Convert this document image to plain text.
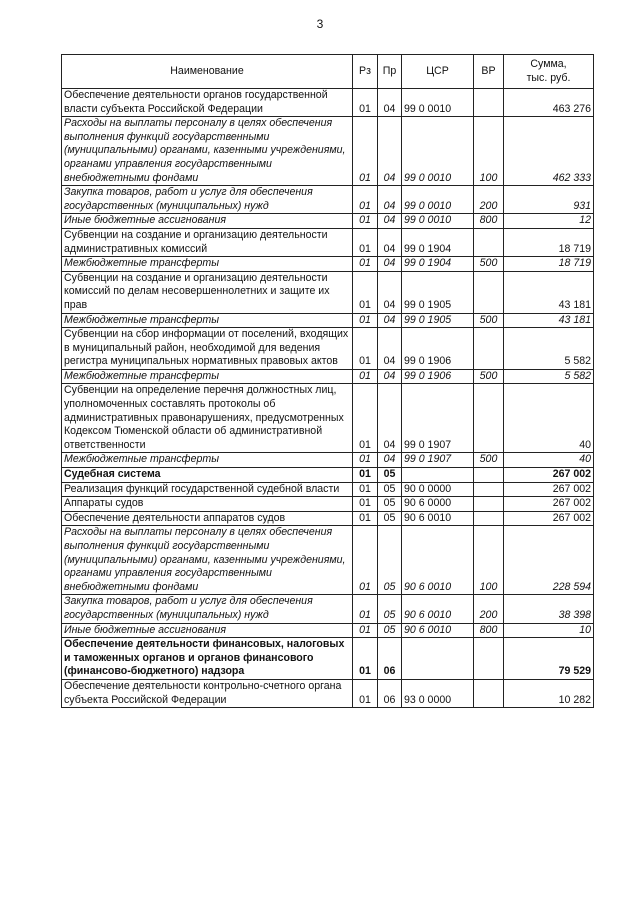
3
Наименование	Рз	Пр	ЦСР	ВР	Сумма,
тыс. руб.

Обеспечение деятельности органов государственной власти субъекта Российской Федерации	01	04	99 0 0010		463 276
Расходы на выплаты персоналу в целях обеспечения выполнения функций государственными (муниципальными) органами, казенными учреждениями, органами управления государственными внебюджетными фондами	01	04	99 0 0010	100	462 333
Закупка товаров, работ и услуг для обеспечения государственных (муниципальных) нужд	01	04	99 0 0010	200	931
Иные бюджетные ассигнования	01	04	99 0 0010	800	12
Субвенции на создание и организацию деятельности административных комиссий	01	04	99 0 1904		18 719
Межбюджетные трансферты	01	04	99 0 1904	500	18 719
Субвенции на создание и организацию деятельности комиссий по делам несовершеннолетних и защите их прав	01	04	99 0 1905		43 181
Межбюджетные трансферты	01	04	99 0 1905	500	43 181
Субвенции на сбор информации от поселений, входящих в муниципальный район, необходимой для ведения регистра муниципальных нормативных правовых актов	01	04	99 0 1906		5 582
Межбюджетные трансферты	01	04	99 0 1906	500	5 582
Субвенции на определение перечня должностных лиц, уполномоченных составлять протоколы об административных правонарушениях, предусмотренных Кодексом Тюменской области об административной ответственности	01	04	99 0 1907		40
Межбюджетные трансферты	01	04	99 0 1907	500	40
Судебная система	01	05			267 002
Реализация функций государственной судебной власти	01	05	90 0 0000		267 002
Аппараты судов	01	05	90 6 0000		267 002
Обеспечение деятельности аппаратов судов	01	05	90 6 0010		267 002
Расходы на выплаты персоналу в целях обеспечения выполнения функций государственными (муниципальными) органами, казенными учреждениями, органами управления государственными внебюджетными фондами	01	05	90 6 0010	100	228 594
Закупка товаров, работ и услуг для обеспечения государственных (муниципальных) нужд	01	05	90 6 0010	200	38 398
Иные бюджетные ассигнования	01	05	90 6 0010	800	10
Обеспечение деятельности финансовых, налоговых и таможенных органов и органов финансового (финансово-бюджетного) надзора	01	06			79 529
Обеспечение деятельности контрольно-счетного органа субъекта Российской Федерации	01	06	93 0 0000		10 282
